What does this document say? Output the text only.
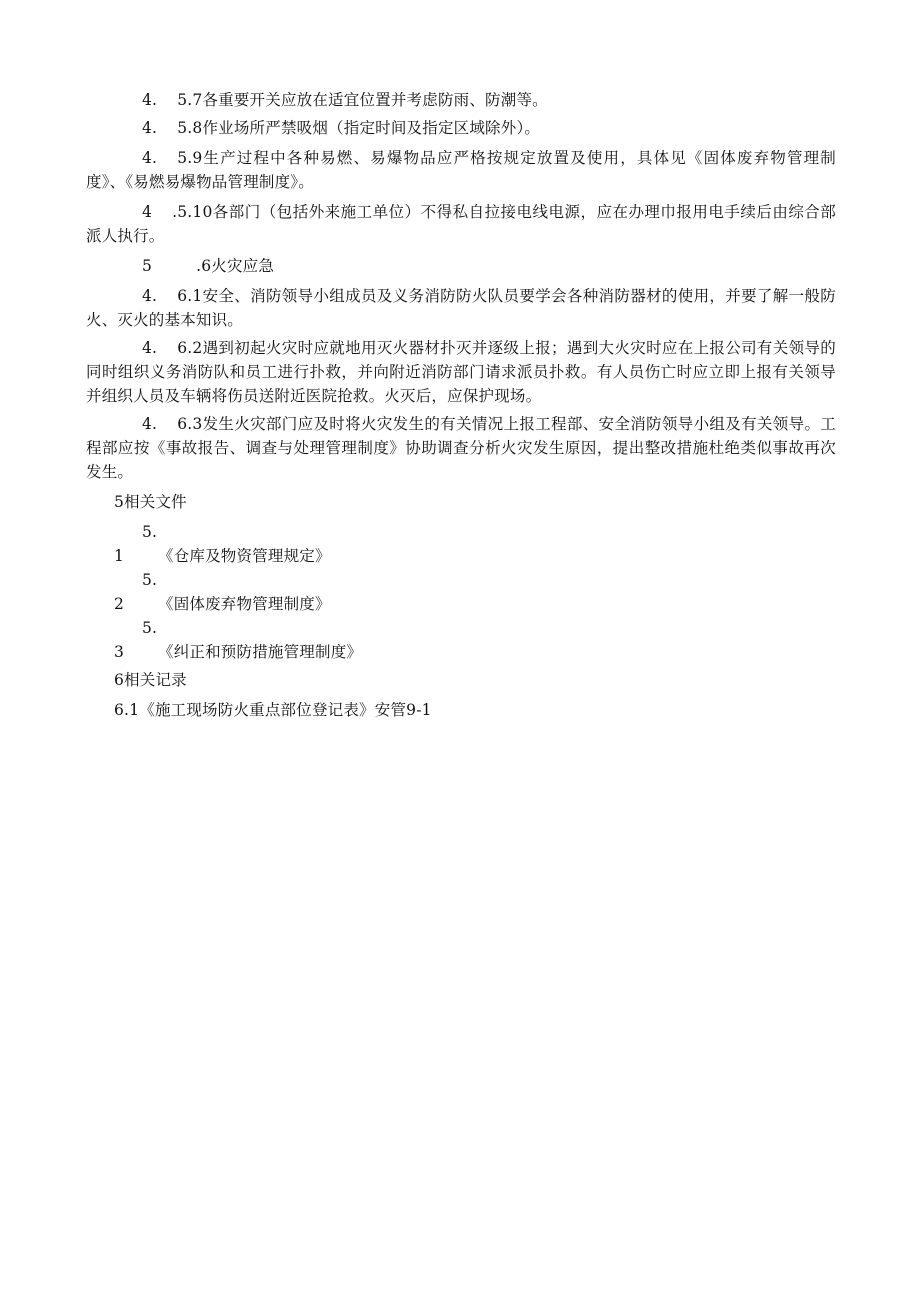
4. 5.7各重要开关应放在适宜位置并考虑防雨、防潮等。

4. 5.8作业场所严禁吸烟（指定时间及指定区域除外）。

4. 5.9生产过程中各种易燃、易爆物品应严格按规定放置及使用，具体见《固体废弃物管理制度》、《易燃易爆物品管理制度》。

4 .5.10各部门（包括外来施工单位）不得私自拉接电线电源，应在办理巾报用电手续后由综合部派人执行。

5	.6火灾应急

4. 6.1安全、消防领导小组成员及义务消防防火队员要学会各种消防器材的使用，并要了解一般防火、灭火的基本知识。

4. 6.2遇到初起火灾时应就地用灭火器材扑灭并逐级上报；遇到大火灾时应在上报公司有关领导的同时组织义务消防队和员工进行扑救，并向附近消防部门请求派员扑救。有人员伤亡时应立即上报有关领导并组织人员及车辆将伤员送附近医院抢救。火灭后，应保护现场。

4. 6.3发生火灾部门应及时将火灾发生的有关情况上报工程部、安全消防领导小组及有关领导。工程部应按《事故报告、调查与处理管理制度》协助调查分析火灾发生原因，提出整改措施杜绝类似事故再次发生。

5相关文件

5.1 《仓库及物资管理规定》

5.2 《固体废弃物管理制度》

5.3 《纠正和预防措施管理制度》

6相关记录

6.1《施工现场防火重点部位登记表》安管9-1
